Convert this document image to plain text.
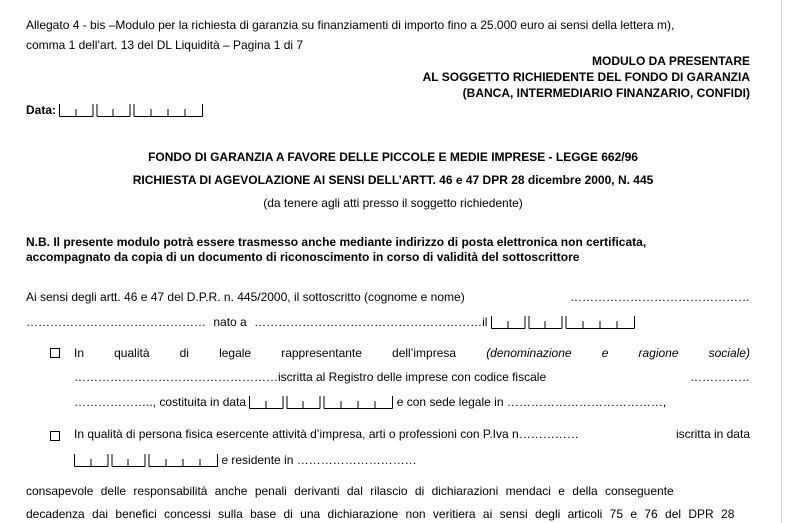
Allegato 4 - bis –Modulo per la richiesta di garanzia su finanziamenti di importo fino a 25.000 euro ai sensi della lettera m),
comma 1 dell’art. 13 del DL Liquidità – Pagina 1 di 7
MODULO DA PRESENTARE
AL SOGGETTO RICHIEDENTE DEL FONDO DI GARANZIA
(BANCA, INTERMEDIARIO FINANZARIO, CONFIDI)
Data:
FONDO DI GARANZIA A FAVORE DELLE PICCOLE E MEDIE IMPRESE - LEGGE 662/96
RICHIESTA DI AGEVOLAZIONE AI SENSI DELL’ARTT. 46 e 47 DPR 28 dicembre 2000, N. 445
(da tenere agli atti presso il soggetto richiedente)
N.B. Il presente modulo potrà essere trasmesso anche mediante indirizzo di posta elettronica non certificata,
accompagnato da copia di un documento di riconoscimento in corso di validità del sottoscrittore
Ai sensi degli artt. 46 e 47 del D.P.R. n. 445/2000, il sottoscritto (cognome e nome)	………………………………………
……………………………………… nato a …………………………………………………il
In	qualità	di	legale	rappresentante	dell’impresa	(denominazione	e	ragione	sociale)
……………………………………………iscritta al Registro delle imprese con codice fiscale	……………
……………….., costituita in data	e con sede legale in …………………………………,
In qualità di persona fisica esercente attività d’impresa, arti o professioni con P.Iva n……………	iscritta in data
e residente in …………………………
consapevole delle responsabilità anche penali derivanti dal rilascio di dichiarazioni mendaci e della conseguente
decadenza dai benefici concessi sulla base di una dichiarazione non veritiera ai sensi degli articoli 75 e 76 del DPR 28
